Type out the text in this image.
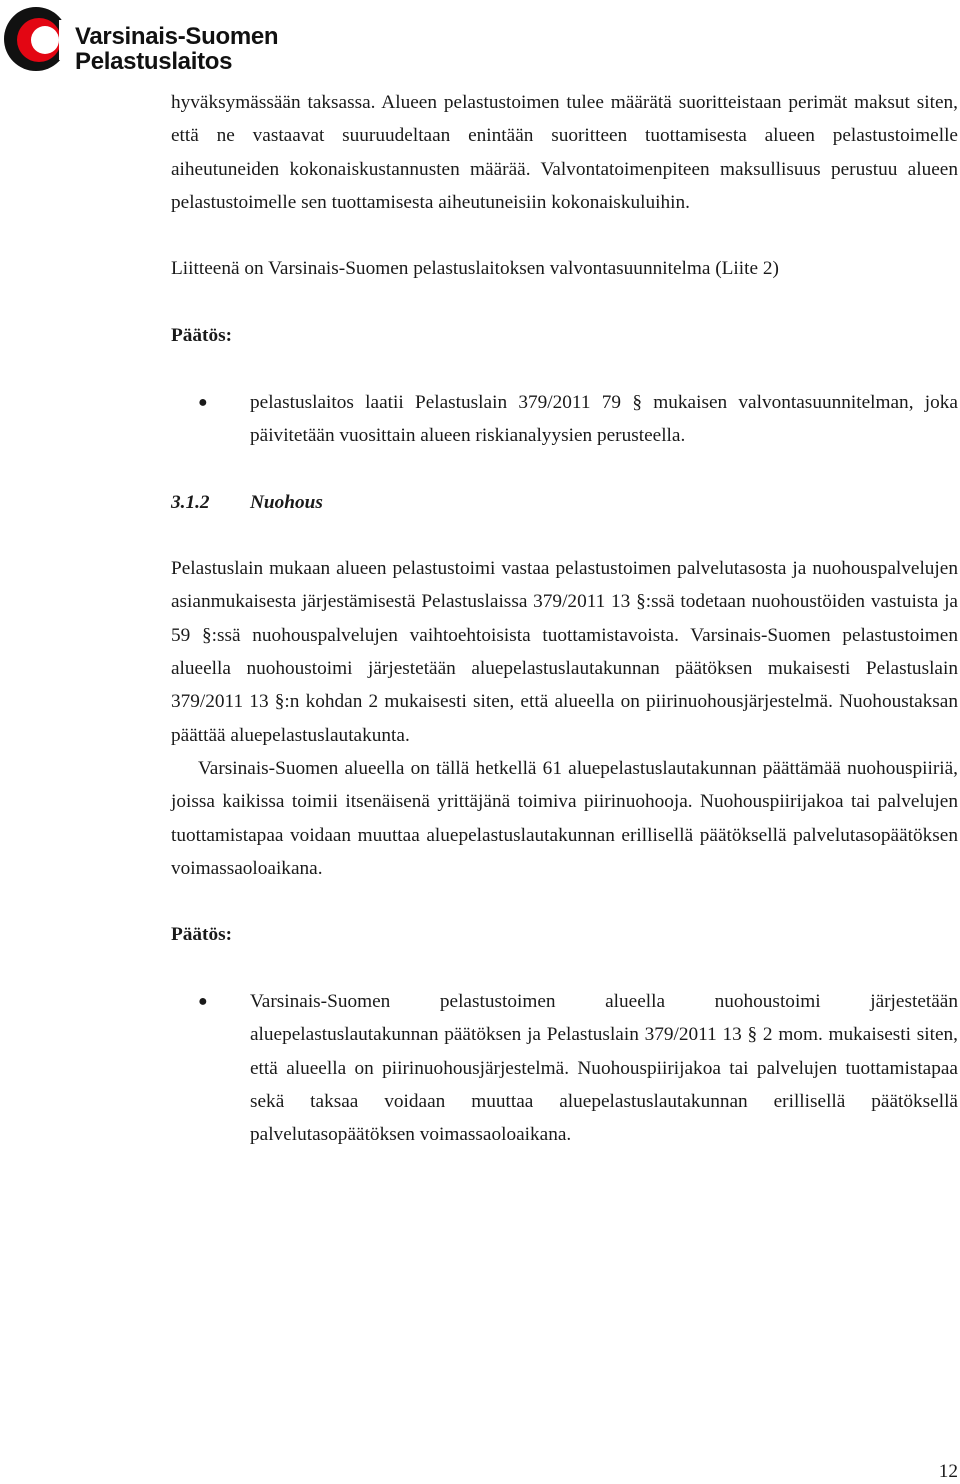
Varsinais-Suomen
Pelastuslaitos

hyväksymässään taksassa. Alueen pelastustoimen tulee määrätä suoritteistaan perimät maksut siten, että ne vastaavat suuruudeltaan enintään suoritteen tuottamisesta alueen pelastustoimelle aiheutuneiden kokonaiskustannusten määrää. Valvontatoimenpiteen maksullisuus perustuu alueen pelastustoimelle sen tuottamisesta aiheutuneisiin kokonaiskuluihin.

Liitteenä on Varsinais-Suomen pelastuslaitoksen valvontasuunnitelma (Liite 2)

Päätös:
● pelastuslaitos laatii Pelastuslain 379/2011 79 § mukaisen valvontasuunnitelman, joka päivitetään vuosittain alueen riskianalyysien perusteella.
3.1.2	Nuohous

Pelastuslain mukaan alueen pelastustoimi vastaa pelastustoimen palvelutasosta ja nuohouspalvelujen asianmukaisesta järjestämisestä Pelastuslaissa 379/2011 13 §:ssä todetaan nuohoustöiden vastuista ja 59 §:ssä nuohouspalvelujen vaihtoehtoisista tuottamistavoista. Varsinais-Suomen pelastustoimen alueella nuohoustoimi järjestetään aluepelastuslautakunnan päätöksen mukaisesti Pelastuslain 379/2011 13 §:n kohdan 2 mukaisesti siten, että alueella on piirinuohousjärjestelmä. Nuohoustaksan päättää aluepelastuslautakunta.

Varsinais-Suomen alueella on tällä hetkellä 61 aluepelastuslautakunnan päättämää nuohouspiiriä, joissa kaikissa toimii itsenäisenä yrittäjänä toimiva piirinuohooja. Nuohouspiirijakoa tai palvelujen tuottamistapaa voidaan muuttaa aluepelastuslautakunnan erillisellä päätöksellä palvelutasopäätöksen voimassaoloaikana.

Päätös:
● Varsinais-Suomen pelastustoimen alueella nuohoustoimi järjestetään aluepelastuslautakunnan päätöksen ja Pelastuslain 379/2011 13 § 2 mom. mukaisesti siten, että alueella on piirinuohousjärjestelmä. Nuohouspiirijakoa tai palvelujen tuottamistapaa sekä taksaa voidaan muuttaa aluepelastuslautakunnan erillisellä päätöksellä palvelutasopäätöksen voimassaoloaikana.
12
